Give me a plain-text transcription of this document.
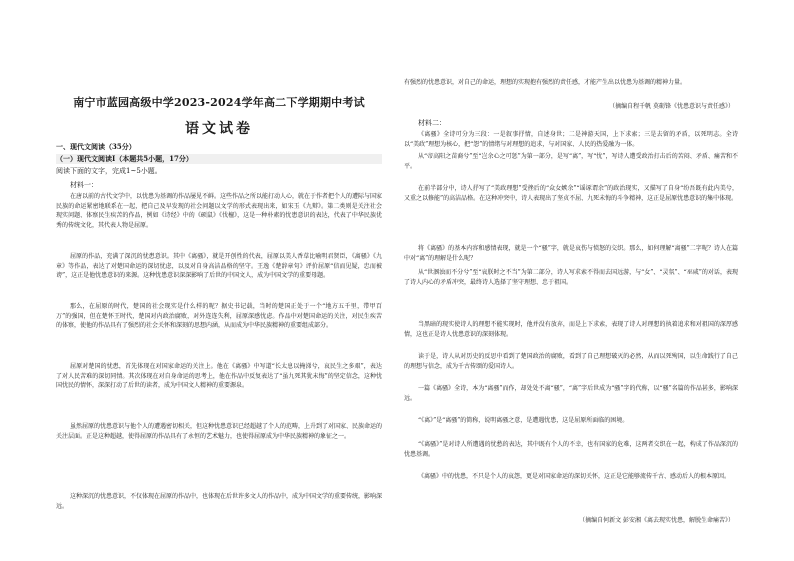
南宁市蓝园高级中学2023-2024学年高二下学期期中考试
语文试卷
一、现代文阅读（35分）
（一）现代文阅读Ⅰ（本题共5小题，17分）
阅读下面的文字，完成1~5小题。
材料一：
在唐以前的古代文学中，以忧患为基调的作品屡见不鲜。这些作品之所以能打动人心，就在于作者把个人的遭际与国家民族的命运紧密地联系在一起，把自己及早发现的社会问题以文学的形式表现出来，如宋玉《九辩》。第二类则是关注社会现实问题、体察民生疾苦的作品，例如《诗经》中的《硕鼠》《伐檀》，这是一种朴素的忧患意识的表达，代表了中华民族优秀的传统文化，其代表人物是屈原。
屈原的作品，充满了深沉的忧患意识。其中《离骚》，就是开创性的代表，屈原以美人香草比喻明君贤臣，《离骚》《九章》等作品，表达了对楚国命运的深切忧虑，以及对自身高洁品格的坚守。王逸《楚辞章句》评价屈原“信而见疑，忠而被谤”，这正是他忧患意识的来源。这种忧患意识深深影响了后世的中国文人，成为中国文学的重要母题。
那么，在屈原的时代，楚国的社会现实是什么样的呢？据史书记载，当时的楚国正处于一个“地方五千里，带甲百万”的强国，但在楚怀王时代，楚国对内政治腐败，对外连连失利，屈原深感忧虑。作品中对楚国命运的关注，对民生疾苦的体察，使他的作品具有了强烈的社会关怀和深刻的思想内涵，从而成为中华民族精神的重要组成部分。
屈原对楚国的忧患，首先体现在对国家命运的关注上。他在《离骚》中写道“长太息以掩涕兮，哀民生之多艰”，表达了对人民苦难的深切同情。其次体现在对自身命运的思考上，他在作品中反复表达了“虽九死其犹未悔”的坚定信念，这种忧国忧民的情怀，深深打动了后世的读者，成为中国文人精神的重要源泉。
虽然屈原的忧患意识与他个人的遭遇密切相关，但这种忧患意识已经超越了个人的范畴，上升到了对国家、民族命运的关注层面。正是这种超越，使得屈原的作品具有了永恒的艺术魅力，也使得屈原成为中华民族精神的象征之一。
这种深沉的忧患意识，不仅体现在屈原的作品中，也体现在后世许多文人的作品中，成为中国文学的重要传统，影响深远。
有强烈的忧患意识，对自己的命运，理想的实现抱有强烈的责任感，才能产生出以忧患为基调的精神力量。
（摘编自程千帆 莫砺锋《忧患意识与责任感》）
材料二：
《离骚》全诗可分为三段：一是叙事抒情，自述身世；二是神游天国，上下求索；三是去留的矛盾，以死明志。全诗以“美政”理想为核心，把“怨”的情绪与对理想的追求，与对国家、人民的热爱融为一体。
从“帝高阳之苗裔兮”至“岂余心之可惩”为第一部分，是写“离”，写“忧”，写诗人遭受政治打击后的苦闷、矛盾、痛苦和不平。
在前半部分中，诗人抒写了“美政理想”受挫后的“众女嫉余”“谣诼谓余”的政治现实，又描写了自身“纷吾既有此内美兮，又重之以修能”的高洁品格。在这种冲突中，诗人表现出了坚贞不屈、九死未悔的斗争精神，这正是屈原忧患意识的集中体现。
将《离骚》的基本内容和感情表现，就是一个“骚”字，就是哀伤与愤怒的交织。那么，如何理解“离骚”二字呢？诗人在篇中对“离”的理解是什么呢？
从“世溷浊而不分兮”至“哀朕时之不当”为第二部分，诗人写求索不得而去国远游，与“女”、“灵氛”、“巫咸”的对话，表现了诗人内心的矛盾冲突，最终诗人选择了坚守理想、忠于祖国。
当黑暗的现实使诗人的理想不能实现时，他并没有放弃，而是上下求索，表现了诗人对理想的执着追求和对祖国的深厚感情，这也正是诗人忧患意识的深刻体现。
读于是，诗人从对历史的反思中看到了楚国政治的腐败，看到了自己理想破灭的必然，从而以死殉国，以生命践行了自己的理想与信念，成为千古传颂的爱国诗人。
一篇《离骚》全诗，本为“离骚”而作，却处处不离“骚”，“离”字后世成为“骚”字的代称，以“骚”名篇的作品甚多，影响深远。
“《离》”是“离骚”的简称，说明离骚之意，是遭遇忧患，这是屈原所面临的困境。
“《离骚》”是对诗人所遭遇的忧愁的表达，其中既有个人的不幸，也有国家的危难，这两者交织在一起，构成了作品深沉的忧患基调。
《离骚》中的忧患，不只是个人的哀怨，更是对国家命运的深切关怀，这正是它能够流传千古、感动后人的根本原因。
（摘编自何新文 彭安湘《离去现实忧患，解脱生命痛苦》）
